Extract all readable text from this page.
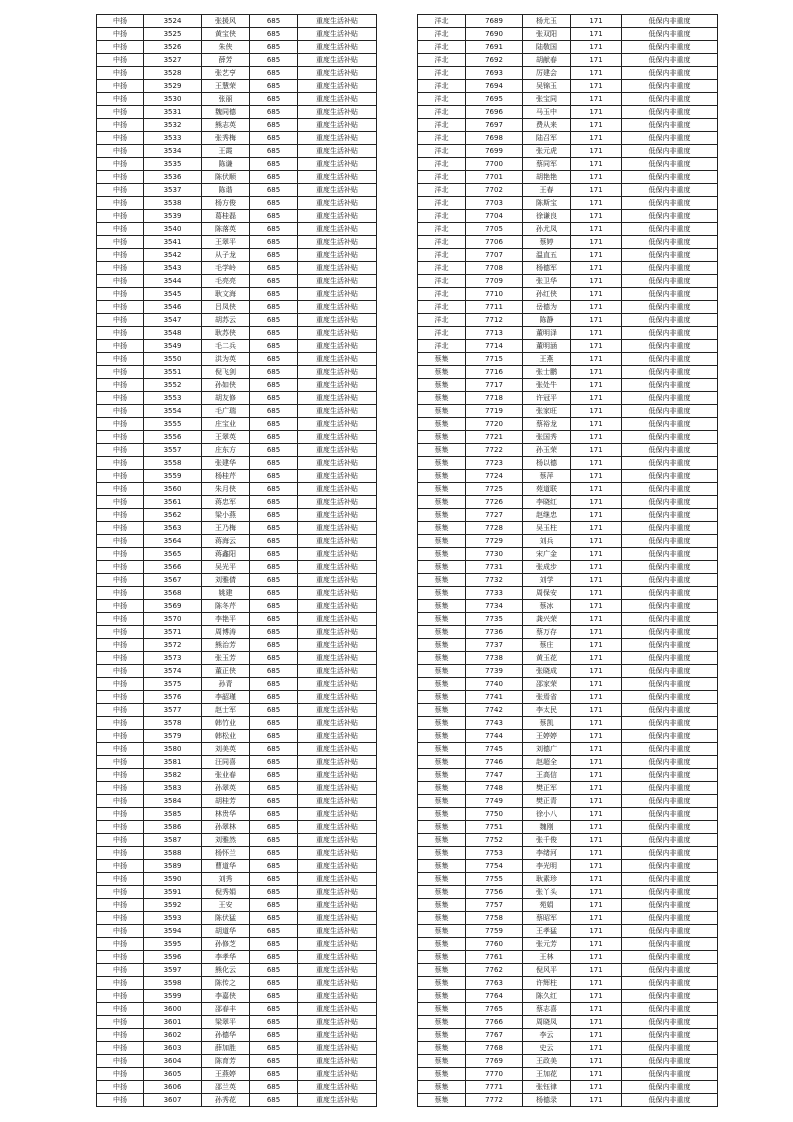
中扬	3524	张援风	685	重度生活补贴
中扬	3525	黄宝侠	685	重度生活补贴
中扬	3526	朱侠	685	重度生活补贴
中扬	3527	薛芳	685	重度生活补贴
中扬	3528	张艺亨	685	重度生活补贴
中扬	3529	王慧荣	685	重度生活补贴
中扬	3530	张丽	685	重度生活补贴
中扬	3531	魏同德	685	重度生活补贴
中扬	3532	熊志英	685	重度生活补贴
中扬	3533	张秀梅	685	重度生活补贴
中扬	3534	王霞	685	重度生活补贴
中扬	3535	陈谦	685	重度生活补贴
中扬	3536	陈伏顺	685	重度生活补贴
中扬	3537	陈谐	685	重度生活补贴
中扬	3538	杨方俊	685	重度生活补贴
中扬	3539	葛桂磊	685	重度生活补贴
中扬	3540	陈落英	685	重度生活补贴
中扬	3541	王翠平	685	重度生活补贴
中扬	3542	从子龙	685	重度生活补贴
中扬	3543	毛学岭	685	重度生活补贴
中扬	3544	毛亮亮	685	重度生活补贴
中扬	3545	耿文海	685	重度生活补贴
中扬	3546	吕凤侠	685	重度生活补贴
中扬	3547	胡苏云	685	重度生活补贴
中扬	3548	耿苏侠	685	重度生活补贴
中扬	3549	毛二兵	685	重度生活补贴
中扬	3550	洪为英	685	重度生活补贴
中扬	3551	倪飞剑	685	重度生活补贴
中扬	3552	孙如侠	685	重度生活补贴
中扬	3553	胡友修	685	重度生活补贴
中扬	3554	毛广瑞	685	重度生活补贴
中扬	3555	庄宝业	685	重度生活补贴
中扬	3556	王翠英	685	重度生活补贴
中扬	3557	庄东方	685	重度生活补贴
中扬	3558	张建华	685	重度生活补贴
中扬	3559	杨桂芹	685	重度生活补贴
中扬	3560	朱月侠	685	重度生活补贴
中扬	3561	蒋忠军	685	重度生活补贴
中扬	3562	梁小燕	685	重度生活补贴
中扬	3563	王乃梅	685	重度生活补贴
中扬	3564	蒋海云	685	重度生活补贴
中扬	3565	蒋鑫阳	685	重度生活补贴
中扬	3566	吴光平	685	重度生活补贴
中扬	3567	刘雅倩	685	重度生活补贴
中扬	3568	姚建	685	重度生活补贴
中扬	3569	陈冬芹	685	重度生活补贴
中扬	3570	李艳平	685	重度生活补贴
中扬	3571	周博涛	685	重度生活补贴
中扬	3572	熊治芳	685	重度生活补贴
中扬	3573	张玉芳	685	重度生活补贴
中扬	3574	董正侠	685	重度生活补贴
中扬	3575	孙青	685	重度生活补贴
中扬	3576	李韶瑾	685	重度生活补贴
中扬	3577	赵士军	685	重度生活补贴
中扬	3578	韩竹业	685	重度生活补贴
中扬	3579	韩松业	685	重度生活补贴
中扬	3580	刘美英	685	重度生活补贴
中扬	3581	汪同喜	685	重度生活补贴
中扬	3582	张业春	685	重度生活补贴
中扬	3583	孙翠英	685	重度生活补贴
中扬	3584	胡桂芳	685	重度生活补贴
中扬	3585	林贵华	685	重度生活补贴
中扬	3586	孙翠林	685	重度生活补贴
中扬	3587	刘雅然	685	重度生活补贴
中扬	3588	杨怀兰	685	重度生活补贴
中扬	3589	曹道华	685	重度生活补贴
中扬	3590	刘秀	685	重度生活补贴
中扬	3591	倪秀娟	685	重度生活补贴
中扬	3592	王安	685	重度生活补贴
中扬	3593	陈伏猛	685	重度生活补贴
中扬	3594	胡道华	685	重度生活补贴
中扬	3595	孙修芝	685	重度生活补贴
中扬	3596	李孝华	685	重度生活补贴
中扬	3597	熊化云	685	重度生活补贴
中扬	3598	陈传之	685	重度生活补贴
中扬	3599	李嘉侠	685	重度生活补贴
中扬	3600	邵春丰	685	重度生活补贴
中扬	3601	梁翠平	685	重度生活补贴
中扬	3602	孙德华	685	重度生活补贴
中扬	3603	薛加胜	685	重度生活补贴
中扬	3604	陈育芳	685	重度生活补贴
中扬	3605	王燕婷	685	重度生活补贴
中扬	3606	邵兰英	685	重度生活补贴
中扬	3607	孙秀花	685	重度生活补贴
洋北	7689	杨尤玉	171	低保内非重度
洋北	7690	张双阳	171	低保内非重度
洋北	7691	陆敬国	171	低保内非重度
洋北	7692	胡献春	171	低保内非重度
洋北	7693	厉建会	171	低保内非重度
洋北	7694	吴锦玉	171	低保内非重度
洋北	7695	张宝同	171	低保内非重度
洋北	7696	马玉中	171	低保内非重度
洋北	7697	费从来	171	低保内非重度
洋北	7698	陆召军	171	低保内非重度
洋北	7699	张元虎	171	低保内非重度
洋北	7700	蔡同军	171	低保内非重度
洋北	7701	胡艳艳	171	低保内非重度
洋北	7702	王春	171	低保内非重度
洋北	7703	陈斯宝	171	低保内非重度
洋北	7704	徐谦良	171	低保内非重度
洋北	7705	孙尤凤	171	低保内非重度
洋北	7706	蔡婷	171	低保内非重度
洋北	7707	温直五	171	低保内非重度
洋北	7708	杨德军	171	低保内非重度
洋北	7709	张卫华	171	低保内非重度
洋北	7710	孙红侠	171	低保内非重度
洋北	7711	岳德为	171	低保内非重度
洋北	7712	陈静	171	低保内非重度
洋北	7713	董明泽	171	低保内非重度
洋北	7714	董明涵	171	低保内非重度
蔡集	7715	王燕	171	低保内非重度
蔡集	7716	张士鹏	171	低保内非重度
蔡集	7717	张处牛	171	低保内非重度
蔡集	7718	许冠平	171	低保内非重度
蔡集	7719	张家旺	171	低保内非重度
蔡集	7720	蔡裕龙	171	低保内非重度
蔡集	7721	张国秀	171	低保内非重度
蔡集	7722	孙玉荣	171	低保内非重度
蔡集	7723	杨以德	171	低保内非重度
蔡集	7724	蔡萍	171	低保内非重度
蔡集	7725	苑道联	171	低保内非重度
蔡集	7726	李晓红	171	低保内非重度
蔡集	7727	赵继忠	171	低保内非重度
蔡集	7728	吴玉柱	171	低保内非重度
蔡集	7729	刘兵	171	低保内非重度
蔡集	7730	宋广金	171	低保内非重度
蔡集	7731	张成步	171	低保内非重度
蔡集	7732	刘学	171	低保内非重度
蔡集	7733	周保安	171	低保内非重度
蔡集	7734	蔡冰	171	低保内非重度
蔡集	7735	龚兴荣	171	低保内非重度
蔡集	7736	蔡万存	171	低保内非重度
蔡集	7737	蔡庄	171	低保内非重度
蔡集	7738	黄玉花	171	低保内非重度
蔡集	7739	张晓成	171	低保内非重度
蔡集	7740	邵家荣	171	低保内非重度
蔡集	7741	张焉省	171	低保内非重度
蔡集	7742	李太民	171	低保内非重度
蔡集	7743	蔡凯	171	低保内非重度
蔡集	7744	王婷婷	171	低保内非重度
蔡集	7745	刘德广	171	低保内非重度
蔡集	7746	赵超全	171	低保内非重度
蔡集	7747	王高信	171	低保内非重度
蔡集	7748	樊正军	171	低保内非重度
蔡集	7749	樊正青	171	低保内非重度
蔡集	7750	徐小八	171	低保内非重度
蔡集	7751	魏刚	171	低保内非重度
蔡集	7752	张千俊	171	低保内非重度
蔡集	7753	李绪河	171	低保内非重度
蔡集	7754	李光明	171	低保内非重度
蔡集	7755	耿素珍	171	低保内非重度
蔡集	7756	张丫头	171	低保内非重度
蔡集	7757	苑娟	171	低保内非重度
蔡集	7758	蔡昭军	171	低保内非重度
蔡集	7759	王孝猛	171	低保内非重度
蔡集	7760	张元芳	171	低保内非重度
蔡集	7761	王林	171	低保内非重度
蔡集	7762	倪风平	171	低保内非重度
蔡集	7763	许辉柱	171	低保内非重度
蔡集	7764	陈久红	171	低保内非重度
蔡集	7765	蔡志喜	171	低保内非重度
蔡集	7766	周晓凤	171	低保内非重度
蔡集	7767	李云	171	低保内非重度
蔡集	7768	史云	171	低保内非重度
蔡集	7769	王政美	171	低保内非重度
蔡集	7770	王加花	171	低保内非重度
蔡集	7771	张钰律	171	低保内非重度
蔡集	7772	杨德录	171	低保内非重度
